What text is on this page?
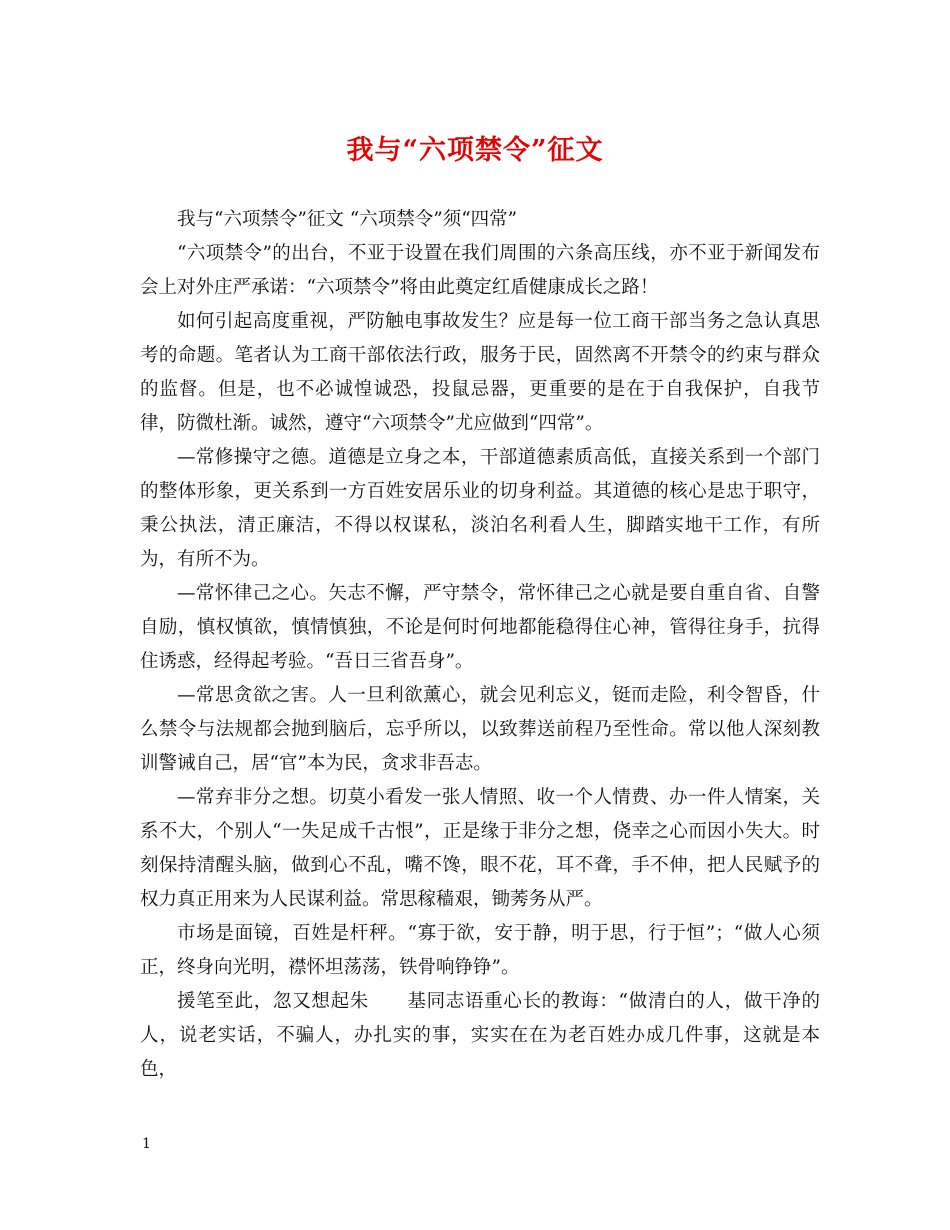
我与“六项禁令”征文

我与“六项禁令”征文 “六项禁令”须“四常”

“六项禁令”的出台，不亚于设置在我们周围的六条高压线，亦不亚于新闻发布会上对外庄严承诺：“六项禁令”将由此奠定红盾健康成长之路！

如何引起高度重视，严防触电事故发生？应是每一位工商干部当务之急认真思考的命题。笔者认为工商干部依法行政，服务于民，固然离不开禁令的约束与群众的监督。但是，也不必诚惶诚恐，投鼠忌器，更重要的是在于自我保护，自我节律，防微杜渐。诚然，遵守“六项禁令”尤应做到“四常”。

—常修操守之德。道德是立身之本，干部道德素质高低，直接关系到一个部门的整体形象，更关系到一方百姓安居乐业的切身利益。其道德的核心是忠于职守，秉公执法，清正廉洁，不得以权谋私，淡泊名利看人生，脚踏实地干工作，有所为，有所不为。

—常怀律己之心。矢志不懈，严守禁令，常怀律己之心就是要自重自省、自警自励，慎权慎欲，慎情慎独，不论是何时何地都能稳得住心神，管得往身手，抗得住诱惑，经得起考验。“吾日三省吾身”。

—常思贪欲之害。人一旦利欲薰心，就会见利忘义，铤而走险，利令智昏，什么禁令与法规都会抛到脑后，忘乎所以，以致葬送前程乃至性命。常以他人深刻教训警诫自己，居“官”本为民，贪求非吾志。

—常弃非分之想。切莫小看发一张人情照、收一个人情费、办一件人情案，关系不大，个别人“一失足成千古恨”，正是缘于非分之想，侥幸之心而因小失大。时刻保持清醒头脑，做到心不乱，嘴不馋，眼不花，耳不聋，手不伸，把人民赋予的权力真正用来为人民谋利益。常思稼穑艰，锄莠务从严。

市场是面镜，百姓是杆秤。“寡于欲，安于静，明于思，行于恒”；“做人心须正，终身向光明，襟怀坦荡荡，铁骨响铮铮”。

援笔至此，忽又想起朱　　基同志语重心长的教诲：“做清白的人，做干净的人，说老实话，不骗人，办扎实的事，实实在在为老百姓办成几件事，这就是本色，

1
